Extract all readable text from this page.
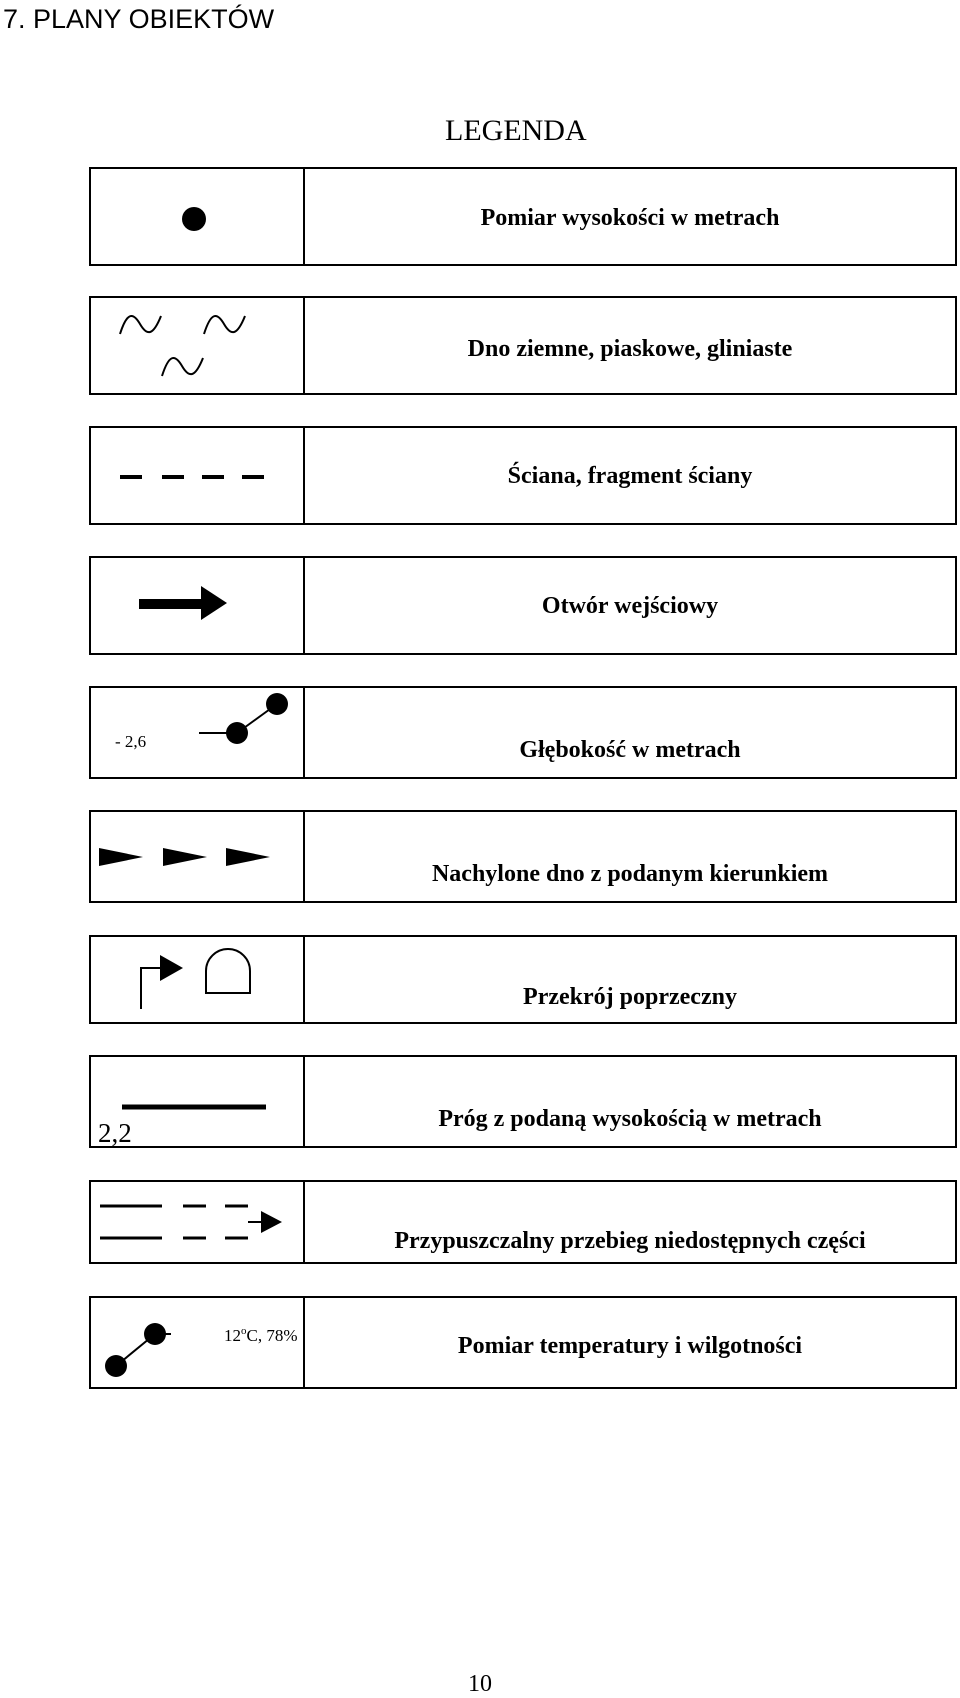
7. PLANY OBIEKTÓW
LEGENDA
Pomiar wysokości w metrach
Dno ziemne, piaskowe, gliniaste
Ściana, fragment ściany
Otwór wejściowy
- 2,6	Głębokość w metrach
Nachylone dno z podanym kierunkiem
Przekrój poprzeczny
2,2	Próg z podaną wysokością w metrach
Przypuszczalny przebieg niedostępnych części
12$^o$C, 78%	Pomiar temperatury i wilgotności
10
